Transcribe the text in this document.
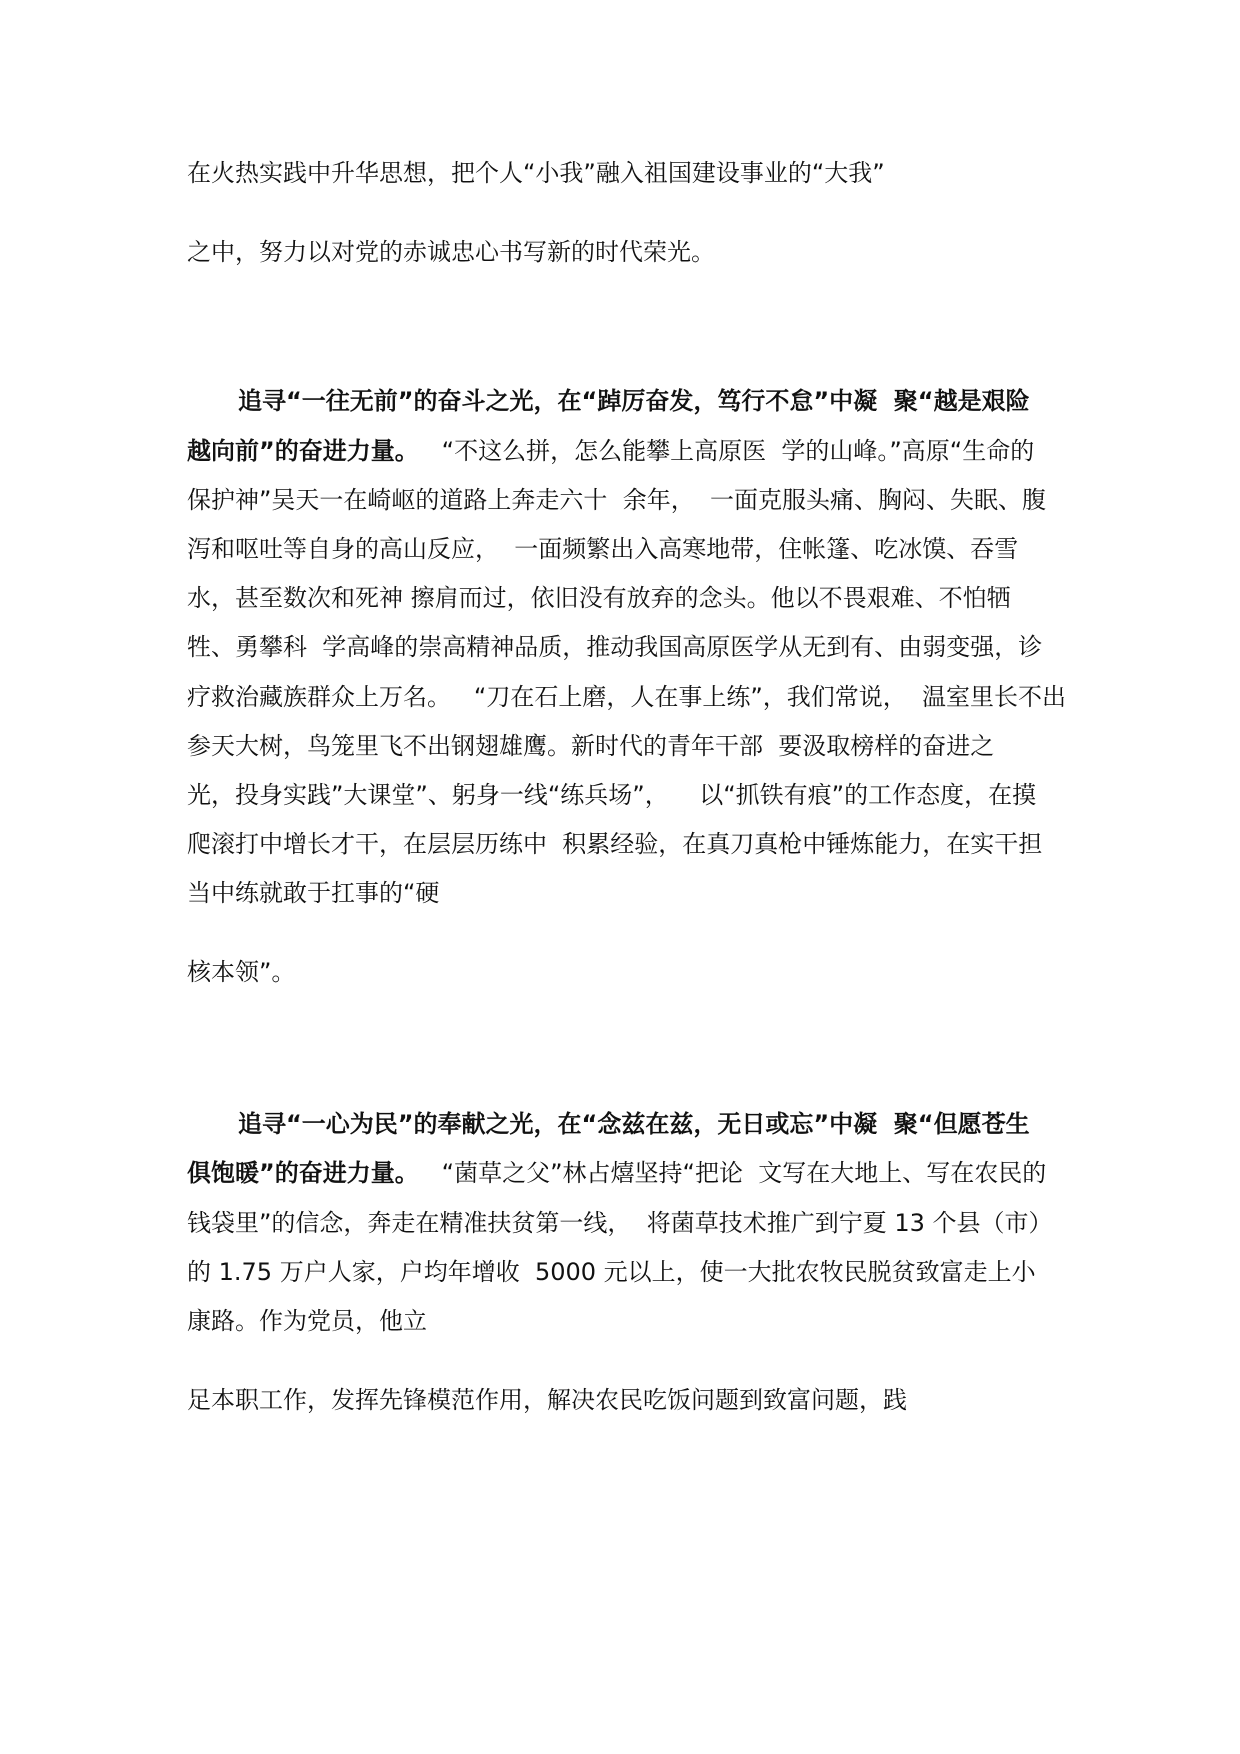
在火热实践中升华思想，把个人“小我”融入祖国建设事业的“大我”

之中，努力以对党的赤诚忠心书写新的时代荣光。

追寻“一往无前”的奋斗之光，在“踔厉奋发，笃行不怠”中凝  聚“越是艰险

越向前”的奋进力量。   “不这么拼，怎么能攀上高原医  学的山峰。”高原“生命的

保护神”吴天一在崎岖的道路上奔走六十  余年，  一面克服头痛、胸闷、失眠、腹

泻和呕吐等自身的高山反应，  一面频繁出入高寒地带，住帐篷、吃冰馍、吞雪

水，甚至数次和死神 擦肩而过，依旧没有放弃的念头。他以不畏艰难、不怕牺

牲、勇攀科  学高峰的崇高精神品质，推动我国高原医学从无到有、由弱变强，诊

疗救治藏族群众上万名。   “刀在石上磨，人在事上练”，我们常说，  温室里长不出

参天大树，鸟笼里飞不出钢翅雄鹰。新时代的青年干部  要汲取榜样的奋进之

光，投身实践”大课堂”、躬身一线“练兵场”，    以“抓铁有痕”的工作态度，在摸

爬滚打中增长才干，在层层历练中  积累经验，在真刀真枪中锤炼能力，在实干担

当中练就敢于扛事的“硬

核本领”。

追寻“一心为民”的奉献之光，在“念兹在兹，无日或忘”中凝  聚“但愿苍生

俱饱暖”的奋进力量。   “菌草之父”林占熺坚持“把论  文写在大地上、写在农民的

钱袋里”的信念，奔走在精准扶贫第一线，  将菌草技术推广到宁夏 13 个县（市）

的 1.75 万户人家，户均年增收  5000 元以上，使一大批农牧民脱贫致富走上小

康路。作为党员，他立

足本职工作，发挥先锋模范作用，解决农民吃饭问题到致富问题，践
